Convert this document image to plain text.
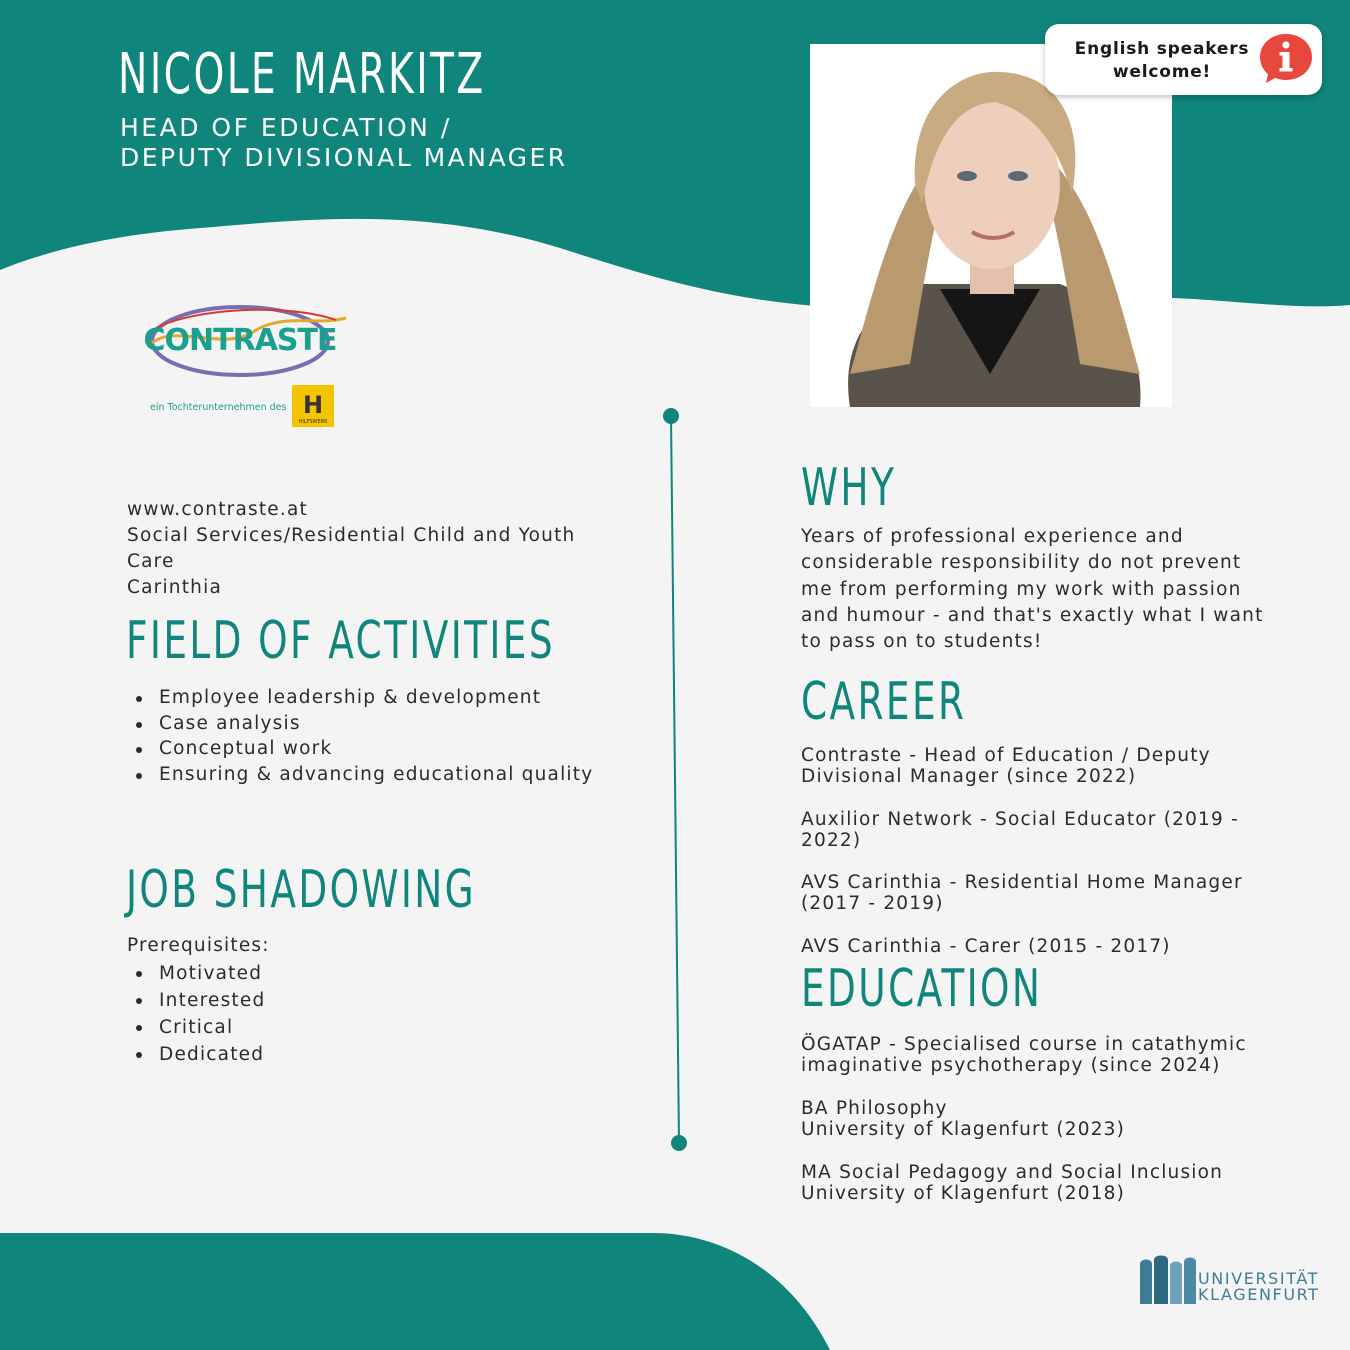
NICOLE MARKITZ
HEAD OF EDUCATION /
DEPUTY DIVISIONAL MANAGER
English speakers
welcome!
CONTRASTE
ein Tochterunternehmen des H
HILFSWERK
www.contraste.at
Social Services/Residential Child and Youth
Care
Carinthia
FIELD OF ACTIVITIES
Employee leadership & development
Case analysis
Conceptual work
Ensuring & advancing educational quality
JOB SHADOWING
Prerequisites:
Motivated
Interested
Critical
Dedicated
WHY
Years of professional experience and
considerable responsibility do not prevent
me from performing my work with passion
and humour - and that's exactly what I want
to pass on to students!
CAREER
Contraste - Head of Education / Deputy
Divisional Manager (since 2022)
Auxilior Network - Social Educator (2019 -
2022)
AVS Carinthia - Residential Home Manager
(2017 - 2019)
AVS Carinthia - Carer (2015 - 2017)
EDUCATION
ÖGATAP - Specialised course in catathymic
imaginative psychotherapy (since 2024)
BA Philosophy
University of Klagenfurt (2023)
MA Social Pedagogy and Social Inclusion
University of Klagenfurt (2018)
UNIVERSITÄT
KLAGENFURT
